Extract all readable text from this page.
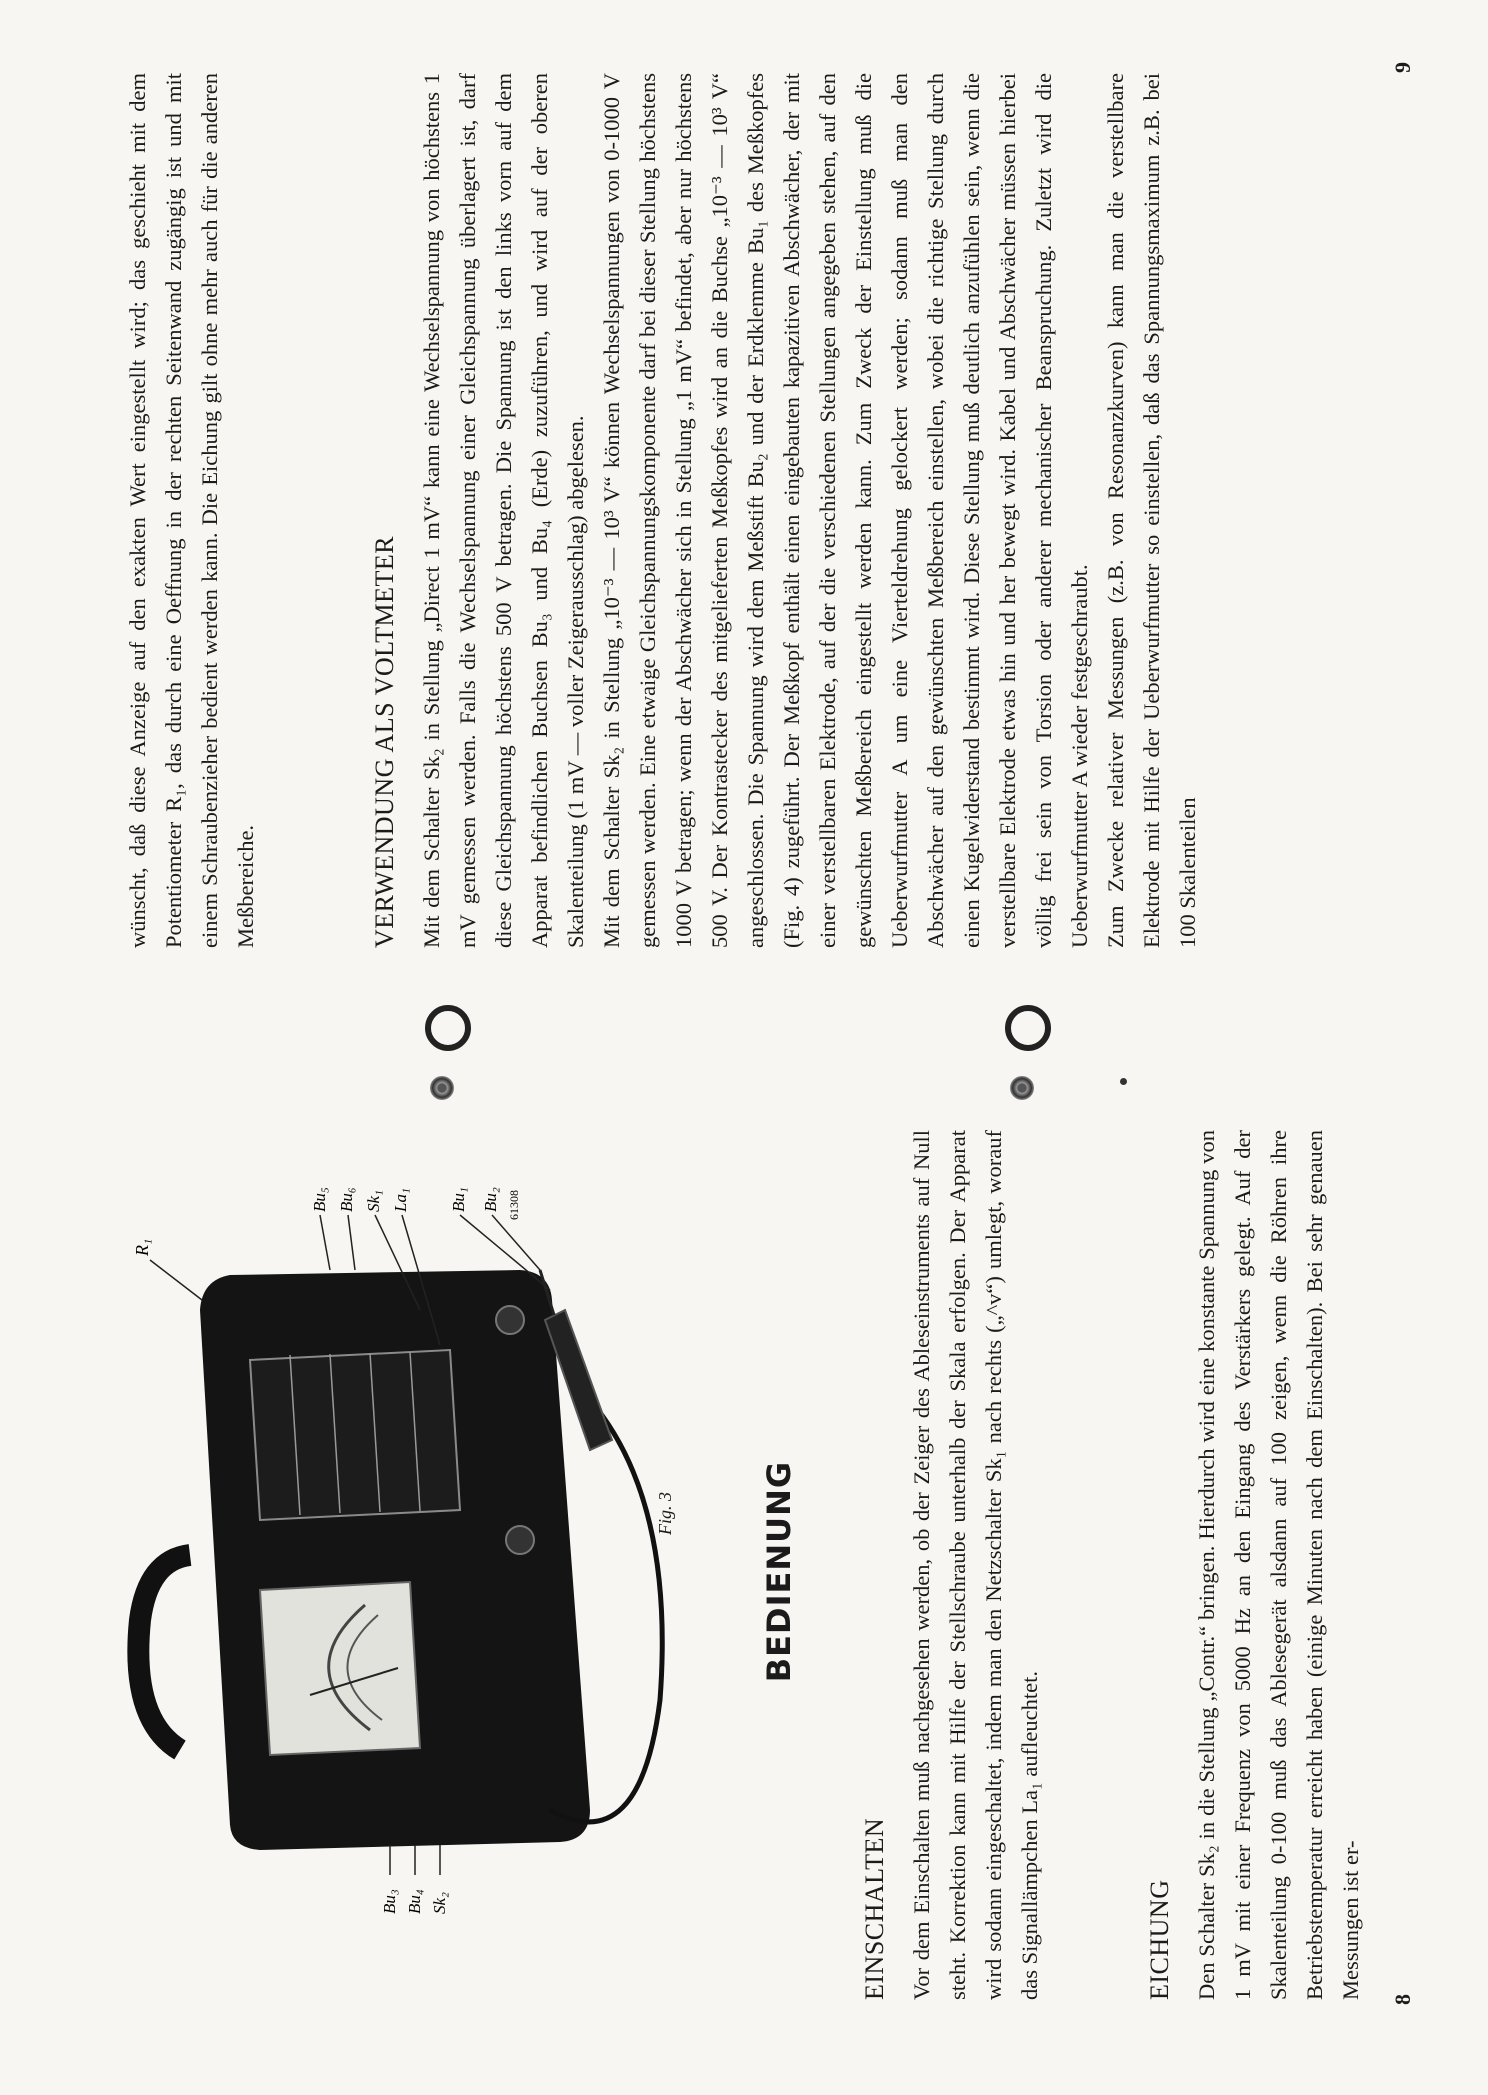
R₁
Bu₅ Bu₆ Sk₁ La₁ Bu₁ Bu₂ 61308
Bu₃ Bu₄ Sk₂
Fig. 3	BEDIENUNG
EINSCHALTEN Vor dem Einschalten muß nachgesehen werden, ob der Zeiger des Ableseinstruments auf Null steht. Korrektion kann mit Hilfe der Stellschraube unterhalb der Skala erfolgen. Der Apparat wird sodann eingeschaltet, indem man den Netzschalter Sk₁ nach rechts („^v“) umlegt, worauf das Signallämpchen La₁ aufleuchtet.	EICHUNG Den Schalter Sk₂ in die Stellung „Contr.“ bringen. Hierdurch wird eine konstante Spannung von 1 mV mit einer Frequenz von 5000 Hz an den Eingang des Verstärkers gelegt. Auf der Skalenteilung 0-100 muß das Ablesegerät alsdann auf 100 zeigen, wenn die Röhren ihre Betriebstemperatur erreicht haben (einige Minuten nach dem Einschalten). Bei sehr genauen Messungen ist er- 8

wünscht, daß diese Anzeige auf den exakten Wert eingestellt wird; das geschieht mit dem Potentiometer R₁, das durch eine Oeffnung in der rechten Seitenwand zugängig ist und mit einem Schraubenzieher bedient werden kann. Die Eichung gilt ohne mehr auch für die anderen Meßbereiche.	VERWENDUNG ALS VOLTMETER Mit dem Schalter Sk₂ in Stellung „Direct 1 mV“ kann eine Wechselspannung von höchstens 1 mV gemessen werden. Falls die Wechselspannung einer Gleichspannung überlagert ist, darf diese Gleichspannung höchstens 500 V betragen. Die Spannung ist den links vorn auf dem Apparat befindlichen Buchsen Bu₃ und Bu₄ (Erde) zuzuführen, und wird auf der oberen Skalenteilung (1 mV — voller Zeigerausschlag) abgelesen. Mit dem Schalter Sk₂ in Stellung „10⁻³ — 10³ V“ können Wechselspannungen von 0-1000 V gemessen werden. Eine etwaige Gleichspannungskomponente darf bei dieser Stellung höchstens 1000 V betragen; wenn der Abschwächer sich in Stellung „1 mV“ befindet, aber nur höchstens 500 V. Der Kontrastecker des mitgelieferten Meßkopfes wird an die Buchse „10⁻³ — 10³ V“ angeschlossen. Die Spannung wird dem Meßstift Bu₂ und der Erdklemme Bu₁ des Meßkopfes (Fig. 4) zugeführt. Der Meßkopf enthält einen eingebauten kapazitiven Abschwächer, der mit einer verstellbaren Elektrode, auf der die verschiedenen Stellungen angegeben stehen, auf den gewünschten Meßbereich eingestellt werden kann. Zum Zweck der Einstellung muß die Ueberwurfmutter A um eine Vierteldrehung gelockert werden; sodann muß man den Abschwächer auf den gewünschten Meßbereich einstellen, wobei die richtige Stellung durch einen Kugelwiderstand bestimmt wird. Diese Stellung muß deutlich anzufühlen sein, wenn die verstellbare Elektrode etwas hin und her bewegt wird. Kabel und Abschwächer müssen hierbei völlig frei sein von Torsion oder anderer mechanischer Beanspruchung. Zuletzt wird die Ueberwurfmutter A wieder festgeschraubt. Zum Zwecke relativer Messungen (z.B. von Resonanzkurven) kann man die verstellbare Elektrode mit Hilfe der Ueberwurfmutter so einstellen, daß das Spannungsmaximum z.B. bei 100 Skalenteilen

9
